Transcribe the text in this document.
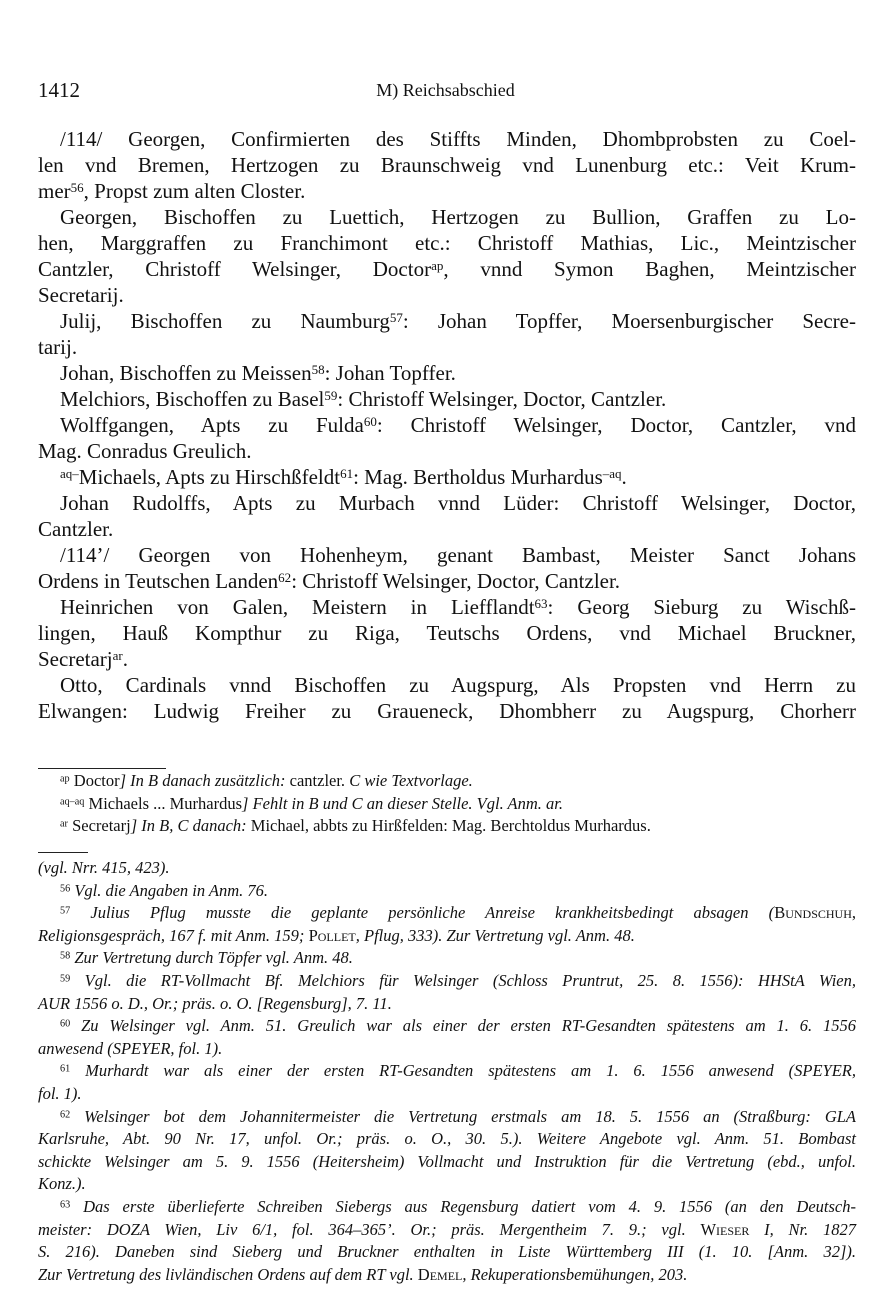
1412	M) Reichsabschied
/114/ Georgen, Confirmierten des Stiffts Minden, Dhombprobsten zu Coel-
len vnd Bremen, Hertzogen zu Braunschweig vnd Lunenburg etc.: Veit Krum-
mer$^{56}$, Propst zum alten Closter.
Georgen, Bischoffen zu Luettich, Hertzogen zu Bullion, Graffen zu Lo-
hen, Marggraffen zu Franchimont etc.: Christoff Mathias, Lic., Meintzischer
Cantzler, Christoff Welsinger, Doctor$^{ap}$, vnnd Symon Baghen, Meintzischer
Secretarij.
Julij, Bischoffen zu Naumburg$^{57}$: Johan Topffer, Moersenburgischer Secre-
tarij.
Johan, Bischoffen zu Meissen$^{58}$: Johan Topffer.
Melchiors, Bischoffen zu Basel$^{59}$: Christoff Welsinger, Doctor, Cantzler.
Wolffgangen, Apts zu Fulda$^{60}$: Christoff Welsinger, Doctor, Cantzler, vnd
Mag. Conradus Greulich.
$^{aq-}$Michaels, Apts zu Hirschßfeldt$^{61}$: Mag. Bertholdus Murhardus$^{-aq}$.
Johan Rudolffs, Apts zu Murbach vnnd Lüder: Christoff Welsinger, Doctor,
Cantzler.
/114’/ Georgen von Hohenheym, genant Bambast, Meister Sanct Johans
Ordens in Teutschen Landen$^{62}$: Christoff Welsinger, Doctor, Cantzler.
Heinrichen von Galen, Meistern in Liefflandt$^{63}$: Georg Sieburg zu Wischß-
lingen, Hauß Kompthur zu Riga, Teutschs Ordens, vnd Michael Bruckner,
Secretarj$^{ar}$.
Otto, Cardinals vnnd Bischoffen zu Augspurg, Als Propsten vnd Herrn zu
Elwangen: Ludwig Freiher zu Graueneck, Dhombherr zu Augspurg, Chorherr
$^{ap}$ Doctor] In B danach zusätzlich: cantzler. C wie Textvorlage.
$^{aq-aq}$ Michaels ... Murhardus] Fehlt in B und C an dieser Stelle. Vgl. Anm. ar.
$^{ar}$ Secretarj] In B, C danach: Michael, abbts zu Hirßfelden: Mag. Berchtoldus Murhardus.
(vgl. Nrr. 415, 423).
$^{56}$ Vgl. die Angaben in Anm. 76.
$^{57}$ Julius Pflug musste die geplante persönliche Anreise krankheitsbedingt absagen (Bundschuh,
Religionsgespräch, 167 f. mit Anm. 159; Pollet, Pflug, 333). Zur Vertretung vgl. Anm. 48.
$^{58}$ Zur Vertretung durch Töpfer vgl. Anm. 48.
$^{59}$ Vgl. die RT-Vollmacht Bf. Melchiors für Welsinger (Schloss Pruntrut, 25. 8. 1556): HHStA Wien,
AUR 1556 o. D., Or.; präs. o. O. [Regensburg], 7. 11.
$^{60}$ Zu Welsinger vgl. Anm. 51. Greulich war als einer der ersten RT-Gesandten spätestens am 1. 6. 1556
anwesend (SPEYER, fol. 1).
$^{61}$ Murhardt war als einer der ersten RT-Gesandten spätestens am 1. 6. 1556 anwesend (SPEYER,
fol. 1).
$^{62}$ Welsinger bot dem Johannitermeister die Vertretung erstmals am 18. 5. 1556 an (Straßburg: GLA
Karlsruhe, Abt. 90 Nr. 17, unfol. Or.; präs. o. O., 30. 5.). Weitere Angebote vgl. Anm. 51. Bombast
schickte Welsinger am 5. 9. 1556 (Heitersheim) Vollmacht und Instruktion für die Vertretung (ebd., unfol.
Konz.).
$^{63}$ Das erste überlieferte Schreiben Siebergs aus Regensburg datiert vom 4. 9. 1556 (an den Deutsch-
meister: DOZA Wien, Liv 6/1, fol. 364–365’. Or.; präs. Mergentheim 7. 9.; vgl. Wieser I, Nr. 1827
S. 216). Daneben sind Sieberg und Bruckner enthalten in Liste Württemberg III (1. 10. [Anm. 32]).
Zur Vertretung des livländischen Ordens auf dem RT vgl. Demel, Rekuperationsbemühungen, 203.
